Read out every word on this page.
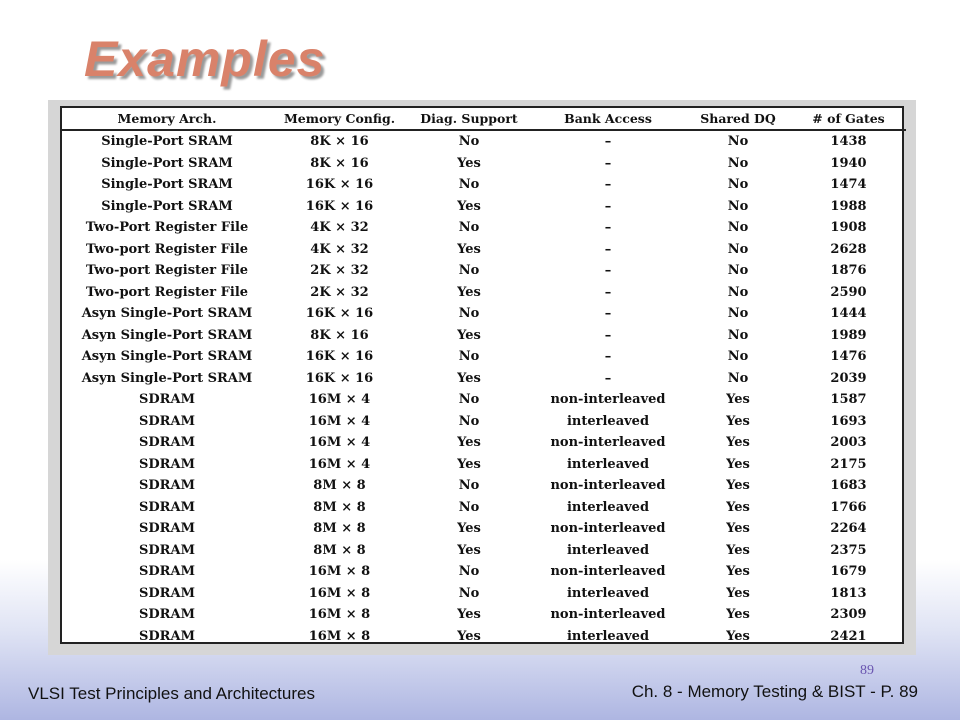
Examples
Memory Arch.	Memory Config.	Diag. Support	Bank Access	Shared DQ	# of Gates
Single-Port SRAM	8K × 16	No	–	No	1438
Single-Port SRAM	8K × 16	Yes	–	No	1940
Single-Port SRAM	16K × 16	No	–	No	1474
Single-Port SRAM	16K × 16	Yes	–	No	1988
Two-Port Register File	4K × 32	No	–	No	1908
Two-port Register File	4K × 32	Yes	–	No	2628
Two-port Register File	2K × 32	No	–	No	1876
Two-port Register File	2K × 32	Yes	–	No	2590
Asyn Single-Port SRAM	16K × 16	No	–	No	1444
Asyn Single-Port SRAM	8K × 16	Yes	–	No	1989
Asyn Single-Port SRAM	16K × 16	No	–	No	1476
Asyn Single-Port SRAM	16K × 16	Yes	–	No	2039
SDRAM	16M × 4	No	non-interleaved	Yes	1587
SDRAM	16M × 4	No	interleaved	Yes	1693
SDRAM	16M × 4	Yes	non-interleaved	Yes	2003
SDRAM	16M × 4	Yes	interleaved	Yes	2175
SDRAM	8M × 8	No	non-interleaved	Yes	1683
SDRAM	8M × 8	No	interleaved	Yes	1766
SDRAM	8M × 8	Yes	non-interleaved	Yes	2264
SDRAM	8M × 8	Yes	interleaved	Yes	2375
SDRAM	16M × 8	No	non-interleaved	Yes	1679
SDRAM	16M × 8	No	interleaved	Yes	1813
SDRAM	16M × 8	Yes	non-interleaved	Yes	2309
SDRAM	16M × 8	Yes	interleaved	Yes	2421
89
VLSI Test Principles and Architectures	Ch. 8 - Memory Testing & BIST - P. 89
